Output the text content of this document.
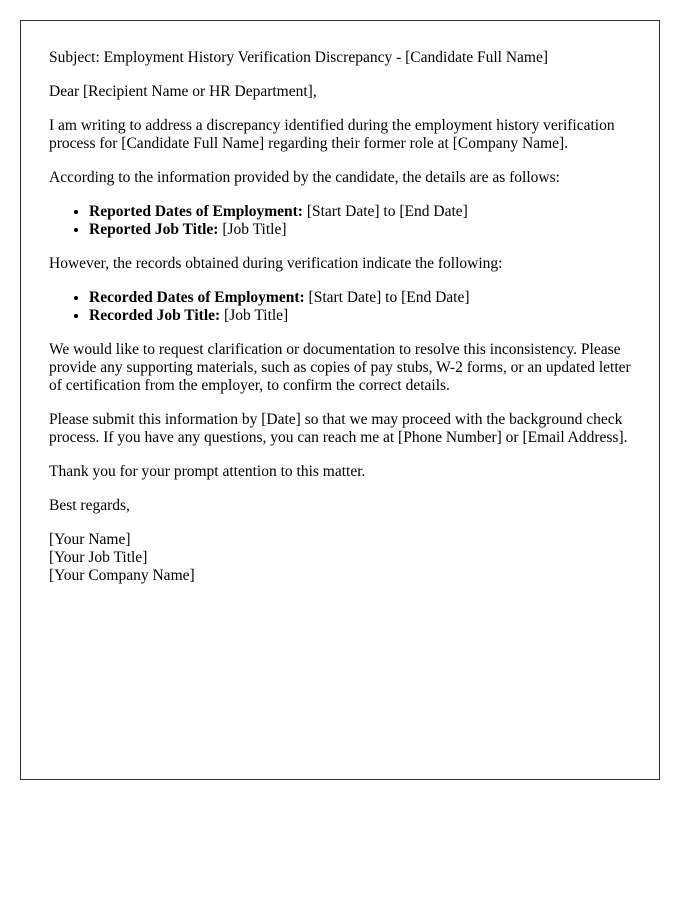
Subject: Employment History Verification Discrepancy - [Candidate Full Name]

Dear [Recipient Name or HR Department],

I am writing to address a discrepancy identified during the employment history verification process for [Candidate Full Name] regarding their former role at [Company Name].

According to the information provided by the candidate, the details are as follows:

• Reported Dates of Employment: [Start Date] to [End Date]
• Reported Job Title: [Job Title]

However, the records obtained during verification indicate the following:

• Recorded Dates of Employment: [Start Date] to [End Date]
• Recorded Job Title: [Job Title]

We would like to request clarification or documentation to resolve this inconsistency. Please provide any supporting materials, such as copies of pay stubs, W-2 forms, or an updated letter of certification from the employer, to confirm the correct details.

Please submit this information by [Date] so that we may proceed with the background check process. If you have any questions, you can reach me at [Phone Number] or [Email Address].

Thank you for your prompt attention to this matter.

Best regards,

[Your Name]
[Your Job Title]
[Your Company Name]
